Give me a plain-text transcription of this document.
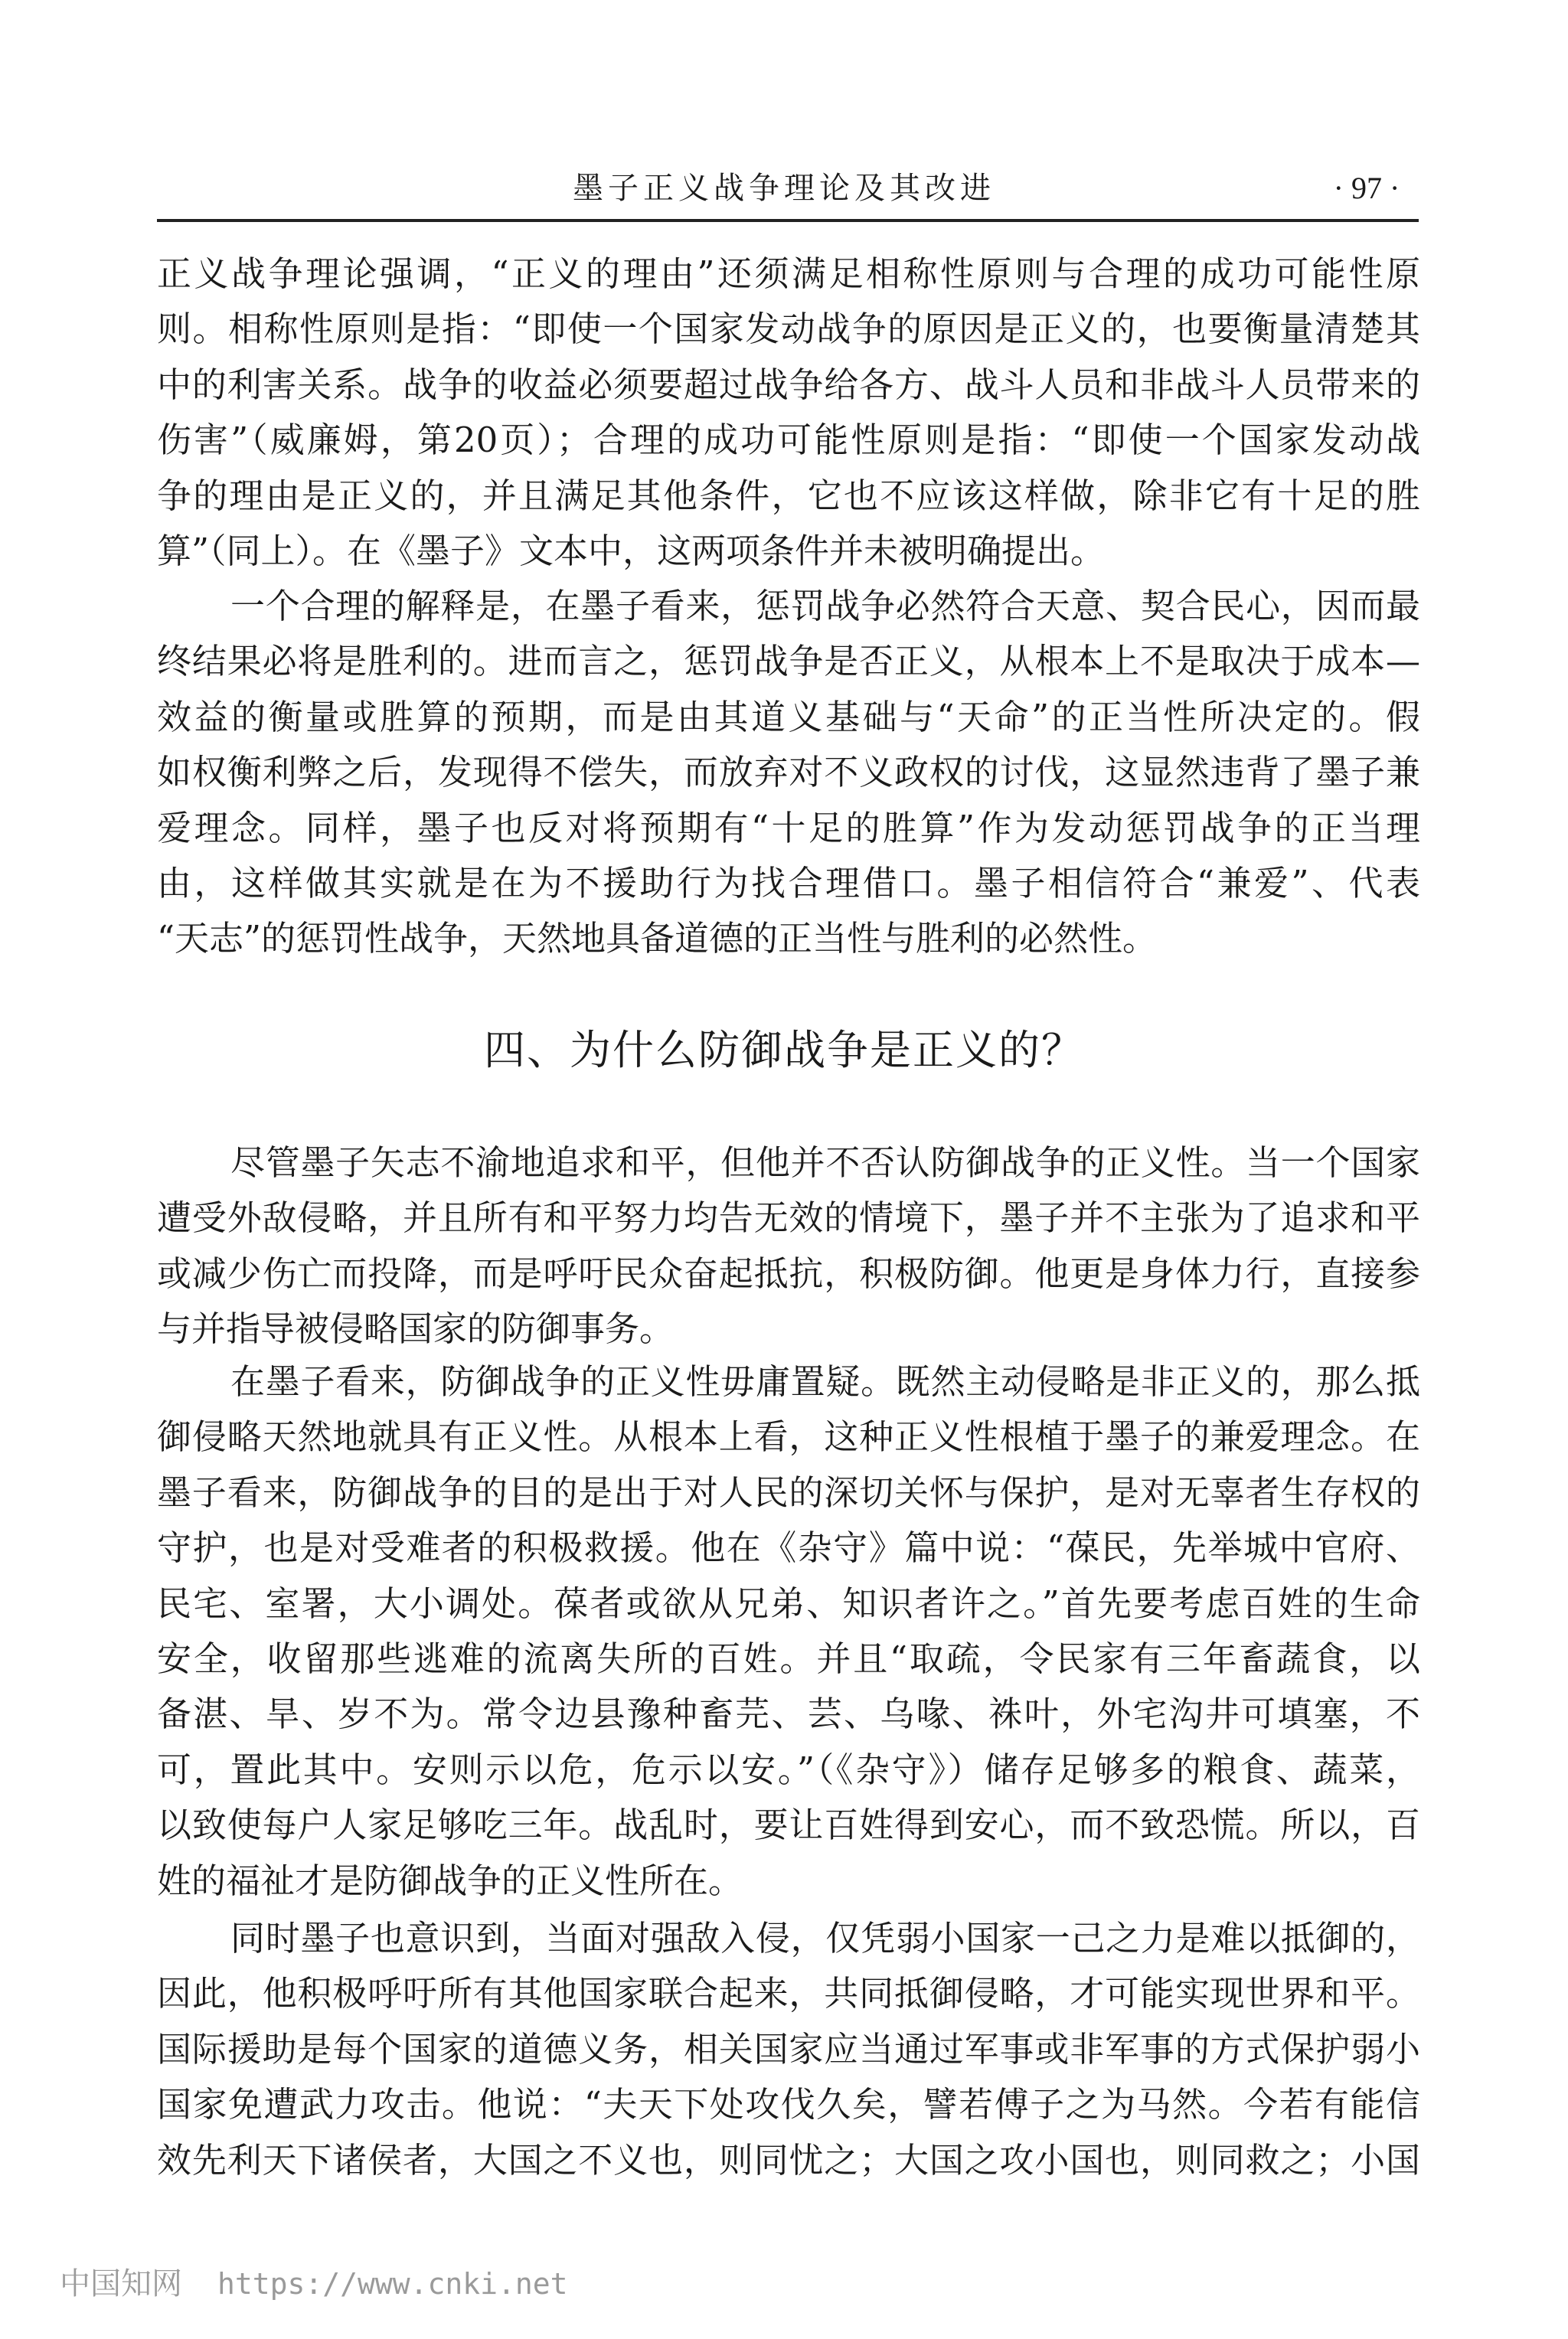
墨子正义战争理论及其改进	· 97 ·
正义战争理论强调，“正义的理由”还须满足相称性原则与合理的成功可能性原
则。相称性原则是指：“即使一个国家发动战争的原因是正义的，也要衡量清楚其
中的利害关系。战争的收益必须要超过战争给各方、战斗人员和非战斗人员带来的
伤害”（威廉姆，第20页）；合理的成功可能性原则是指：“即使一个国家发动战
争的理由是正义的，并且满足其他条件，它也不应该这样做，除非它有十足的胜
算”（同上）。在《墨子》文本中，这两项条件并未被明确提出。
一个合理的解释是，在墨子看来，惩罚战争必然符合天意、契合民心，因而最
终结果必将是胜利的。进而言之，惩罚战争是否正义，从根本上不是取决于成本—
效益的衡量或胜算的预期，而是由其道义基础与“天命”的正当性所决定的。假
如权衡利弊之后，发现得不偿失，而放弃对不义政权的讨伐，这显然违背了墨子兼
爱理念。同样，墨子也反对将预期有“十足的胜算”作为发动惩罚战争的正当理
由，这样做其实就是在为不援助行为找合理借口。墨子相信符合“兼爱”、代表
“天志”的惩罚性战争，天然地具备道德的正当性与胜利的必然性。
四、为什么防御战争是正义的？
尽管墨子矢志不渝地追求和平，但他并不否认防御战争的正义性。当一个国家
遭受外敌侵略，并且所有和平努力均告无效的情境下，墨子并不主张为了追求和平
或减少伤亡而投降，而是呼吁民众奋起抵抗，积极防御。他更是身体力行，直接参
与并指导被侵略国家的防御事务。
在墨子看来，防御战争的正义性毋庸置疑。既然主动侵略是非正义的，那么抵
御侵略天然地就具有正义性。从根本上看，这种正义性根植于墨子的兼爱理念。在
墨子看来，防御战争的目的是出于对人民的深切关怀与保护，是对无辜者生存权的
守护，也是对受难者的积极救援。他在《杂守》篇中说：“葆民，先举城中官府、
民宅、室署，大小调处。葆者或欲从兄弟、知识者许之。”首先要考虑百姓的生命
安全，收留那些逃难的流离失所的百姓。并且“取疏，令民家有三年畜蔬食，以
备湛、旱、岁不为。常令边县豫种畜芫、芸、乌喙、祩叶，外宅沟井可填塞，不
可，置此其中。安则示以危，危示以安。”（《杂守》）储存足够多的粮食、蔬菜，
以致使每户人家足够吃三年。战乱时，要让百姓得到安心，而不致恐慌。所以，百
姓的福祉才是防御战争的正义性所在。
同时墨子也意识到，当面对强敌入侵，仅凭弱小国家一己之力是难以抵御的，
因此，他积极呼吁所有其他国家联合起来，共同抵御侵略，才可能实现世界和平。
国际援助是每个国家的道德义务，相关国家应当通过军事或非军事的方式保护弱小
国家免遭武力攻击。他说：“夫天下处攻伐久矣，譬若傅子之为马然。今若有能信
效先利天下诸侯者，大国之不义也，则同忧之；大国之攻小国也，则同救之；小国
中国知网 https://www.cnki.net
